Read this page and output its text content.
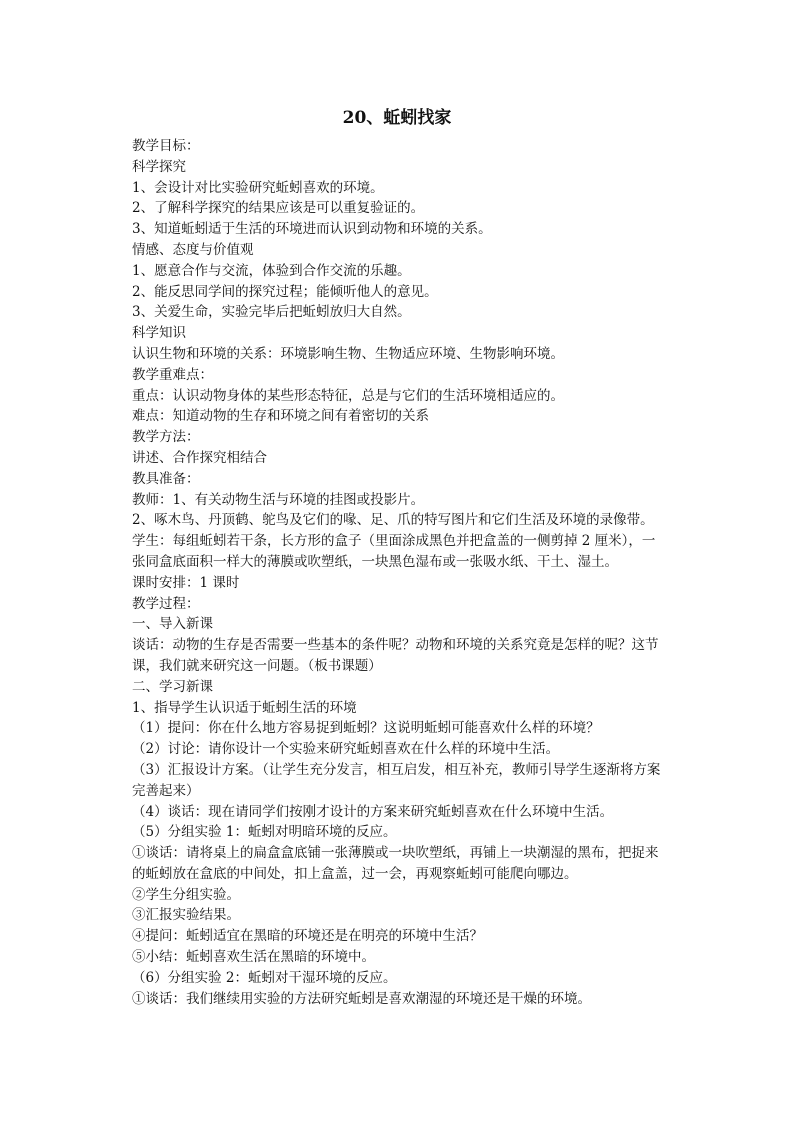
20、蚯蚓找家
教学目标：
科学探究
1、会设计对比实验研究蚯蚓喜欢的环境。
2、了解科学探究的结果应该是可以重复验证的。
3、知道蚯蚓适于生活的环境进而认识到动物和环境的关系。
情感、态度与价值观
1、愿意合作与交流，体验到合作交流的乐趣。
2、能反思同学间的探究过程；能倾听他人的意见。
3、关爱生命，实验完毕后把蚯蚓放归大自然。
科学知识
认识生物和环境的关系：环境影响生物、生物适应环境、生物影响环境。
教学重难点：
重点：认识动物身体的某些形态特征，总是与它们的生活环境相适应的。
难点：知道动物的生存和环境之间有着密切的关系
教学方法：
讲述、合作探究相结合
教具准备：
教师：1、有关动物生活与环境的挂图或投影片。
2、啄木鸟、丹顶鹤、鸵鸟及它们的喙、足、爪的特写图片和它们生活及环境的录像带。
学生：每组蚯蚓若干条，长方形的盒子（里面涂成黑色并把盒盖的一侧剪掉 2 厘米），一
张同盒底面积一样大的薄膜或吹塑纸，一块黑色湿布或一张吸水纸、干土、湿土。
课时安排：1 课时
教学过程：
一、导入新课
谈话：动物的生存是否需要一些基本的条件呢？动物和环境的关系究竟是怎样的呢？这节
课，我们就来研究这一问题。（板书课题）
二、学习新课
1、指导学生认识适于蚯蚓生活的环境
（1）提问：你在什么地方容易捉到蚯蚓？这说明蚯蚓可能喜欢什么样的环境？
（2）讨论：请你设计一个实验来研究蚯蚓喜欢在什么样的环境中生活。
（3）汇报设计方案。（让学生充分发言，相互启发，相互补充，教师引导学生逐渐将方案
完善起来）
（4）谈话：现在请同学们按刚才设计的方案来研究蚯蚓喜欢在什么环境中生活。
（5）分组实验 1：蚯蚓对明暗环境的反应。
①谈话：请将桌上的扁盒盒底铺一张薄膜或一块吹塑纸，再铺上一块潮湿的黑布，把捉来
的蚯蚓放在盒底的中间处，扣上盒盖，过一会，再观察蚯蚓可能爬向哪边。
②学生分组实验。
③汇报实验结果。
④提问：蚯蚓适宜在黑暗的环境还是在明亮的环境中生活？
⑤小结：蚯蚓喜欢生活在黑暗的环境中。
（6）分组实验 2：蚯蚓对干湿环境的反应。
①谈话：我们继续用实验的方法研究蚯蚓是喜欢潮湿的环境还是干燥的环境。
